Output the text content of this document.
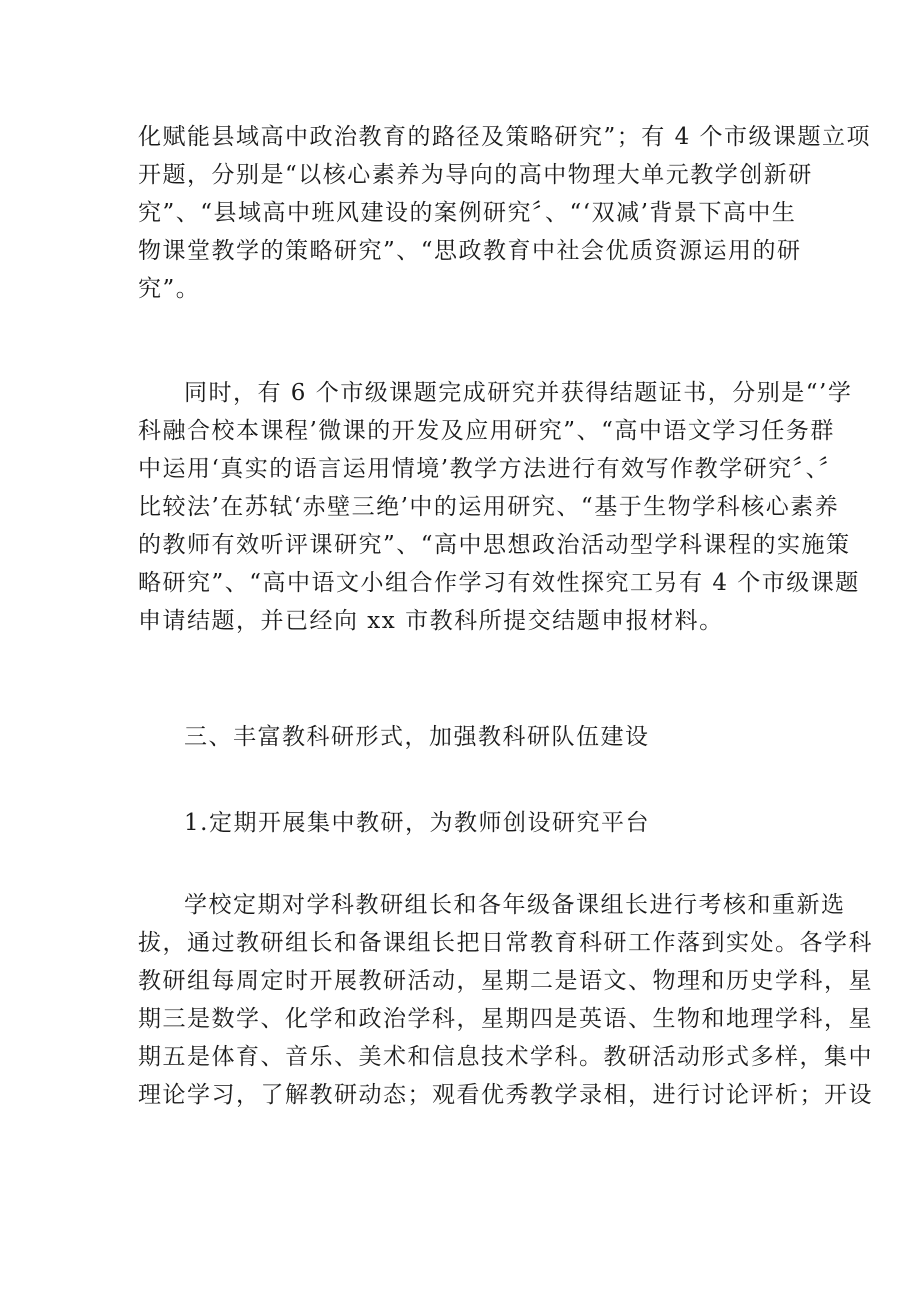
化赋能县域高中政治教育的路径及策略研究”；有 4 个市级课题立项
开题，分别是“以核心素养为导向的高中物理大单元教学创新研
究”、“县域高中班风建设的案例研究〞、“‘双减’背景下高中生
物课堂教学的策略研究”、“思政教育中社会优质资源运用的研
究”。
同时，有 6 个市级课题完成研究并获得结题证书，分别是“’学
科融合校本课程’微课的开发及应用研究”、“高中语文学习任务群
中运用‘真实的语言运用情境’教学方法进行有效写作教学研究〞、〞
比较法’在苏轼‘赤壁三绝’中的运用研究、“基于生物学科核心素养
的教师有效听评课研究”、“高中思想政治活动型学科课程的实施策
略研究”、“高中语文小组合作学习有效性探究工另有 4 个市级课题
申请结题，并已经向 xx 市教科所提交结题申报材料。

三、丰富教科研形式，加强教科研队伍建设

1.定期开展集中教研，为教师创设研究平台

学校定期对学科教研组长和各年级备课组长进行考核和重新选
拔，通过教研组长和备课组长把日常教育科研工作落到实处。各学科
教研组每周定时开展教研活动，星期二是语文、物理和历史学科，星
期三是数学、化学和政治学科，星期四是英语、生物和地理学科，星
期五是体育、音乐、美术和信息技术学科。教研活动形式多样，集中
理论学习，了解教研动态；观看优秀教学录相，进行讨论评析；开设
